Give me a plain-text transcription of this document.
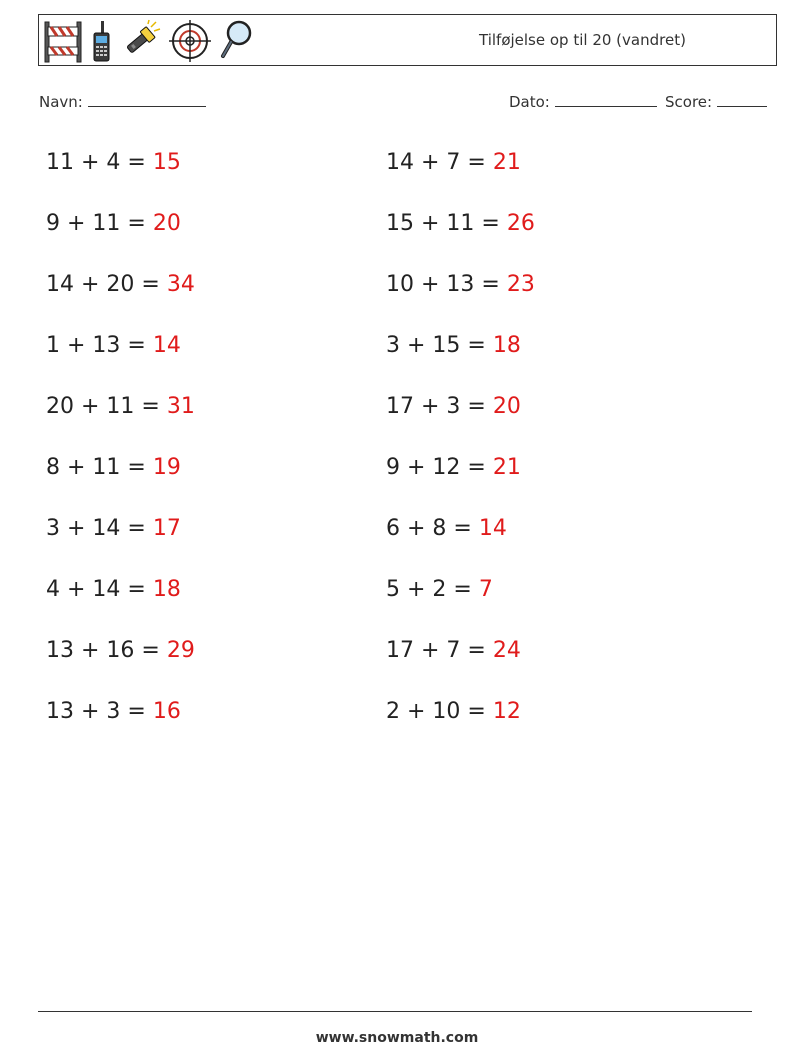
Tilføjelse op til 20 (vandret)
Navn:	Dato:	Score:
11 + 4 = 15
9 + 11 = 20
14 + 20 = 34
1 + 13 = 14
20 + 11 = 31
8 + 11 = 19
3 + 14 = 17
4 + 14 = 18
13 + 16 = 29
13 + 3 = 16
14 + 7 = 21
15 + 11 = 26
10 + 13 = 23
3 + 15 = 18
17 + 3 = 20
9 + 12 = 21
6 + 8 = 14
5 + 2 = 7
17 + 7 = 24
2 + 10 = 12
www.snowmath.com
